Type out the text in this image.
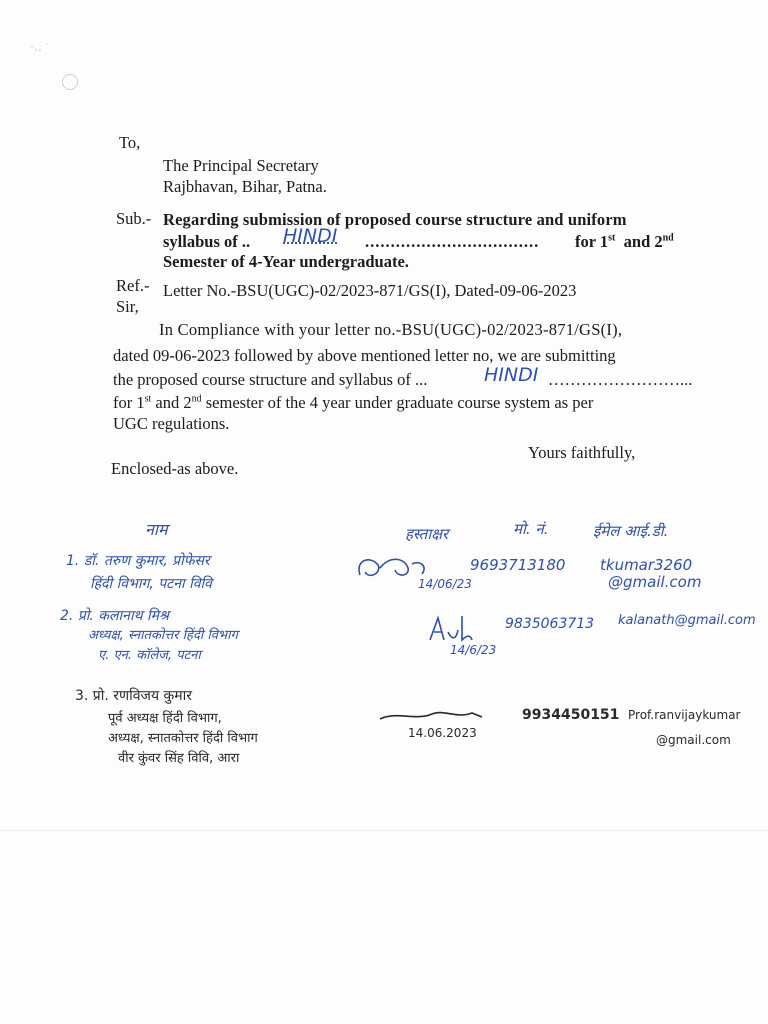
·‥ ˙
To,
The Principal Secretary
Rajbhavan, Bihar, Patna.
Sub.- Regarding submission of proposed course structure and uniform
syllabus of .. HINDI .................................. for 1st and 2nd
Semester of 4-Year undergraduate.
Ref.- Letter No.-BSU(UGC)-02/2023-871/GS(I), Dated-09-06-2023
Sir,
In Compliance with your letter no.-BSU(UGC)-02/2023-871/GS(I),
dated 09-06-2023 followed by above mentioned letter no, we are submitting
the proposed course structure and syllabus of ...	HINDI ……………………...
for 1st and 2nd semester of the 4 year under graduate course system as per
UGC regulations.
Yours faithfully,
Enclosed-as above.
नाम	हस्ताक्षर	मो. नं.	ईमेल आई.डी.
1. डॉ. तरुण कुमार, प्रोफेसर
हिंदी विभाग, पटना विवि	14/06/23
9693713180 tkumar3260
@gmail.com
2. प्रो. कलानाथ मिश्र
अध्यक्ष, स्नातकोत्तर हिंदी विभाग
ए. एन. कॉलेज, पटना	14/6/23
9835063713 kalanath@gmail.com
3. प्रो. रणविजय कुमार
पूर्व अध्यक्ष हिंदी विभाग,
अध्यक्ष, स्नातकोत्तर हिंदी विभाग
वीर कुंवर सिंह विवि, आरा
14.06.2023
9934450151 Prof.ranvijaykumar
@gmail.com
